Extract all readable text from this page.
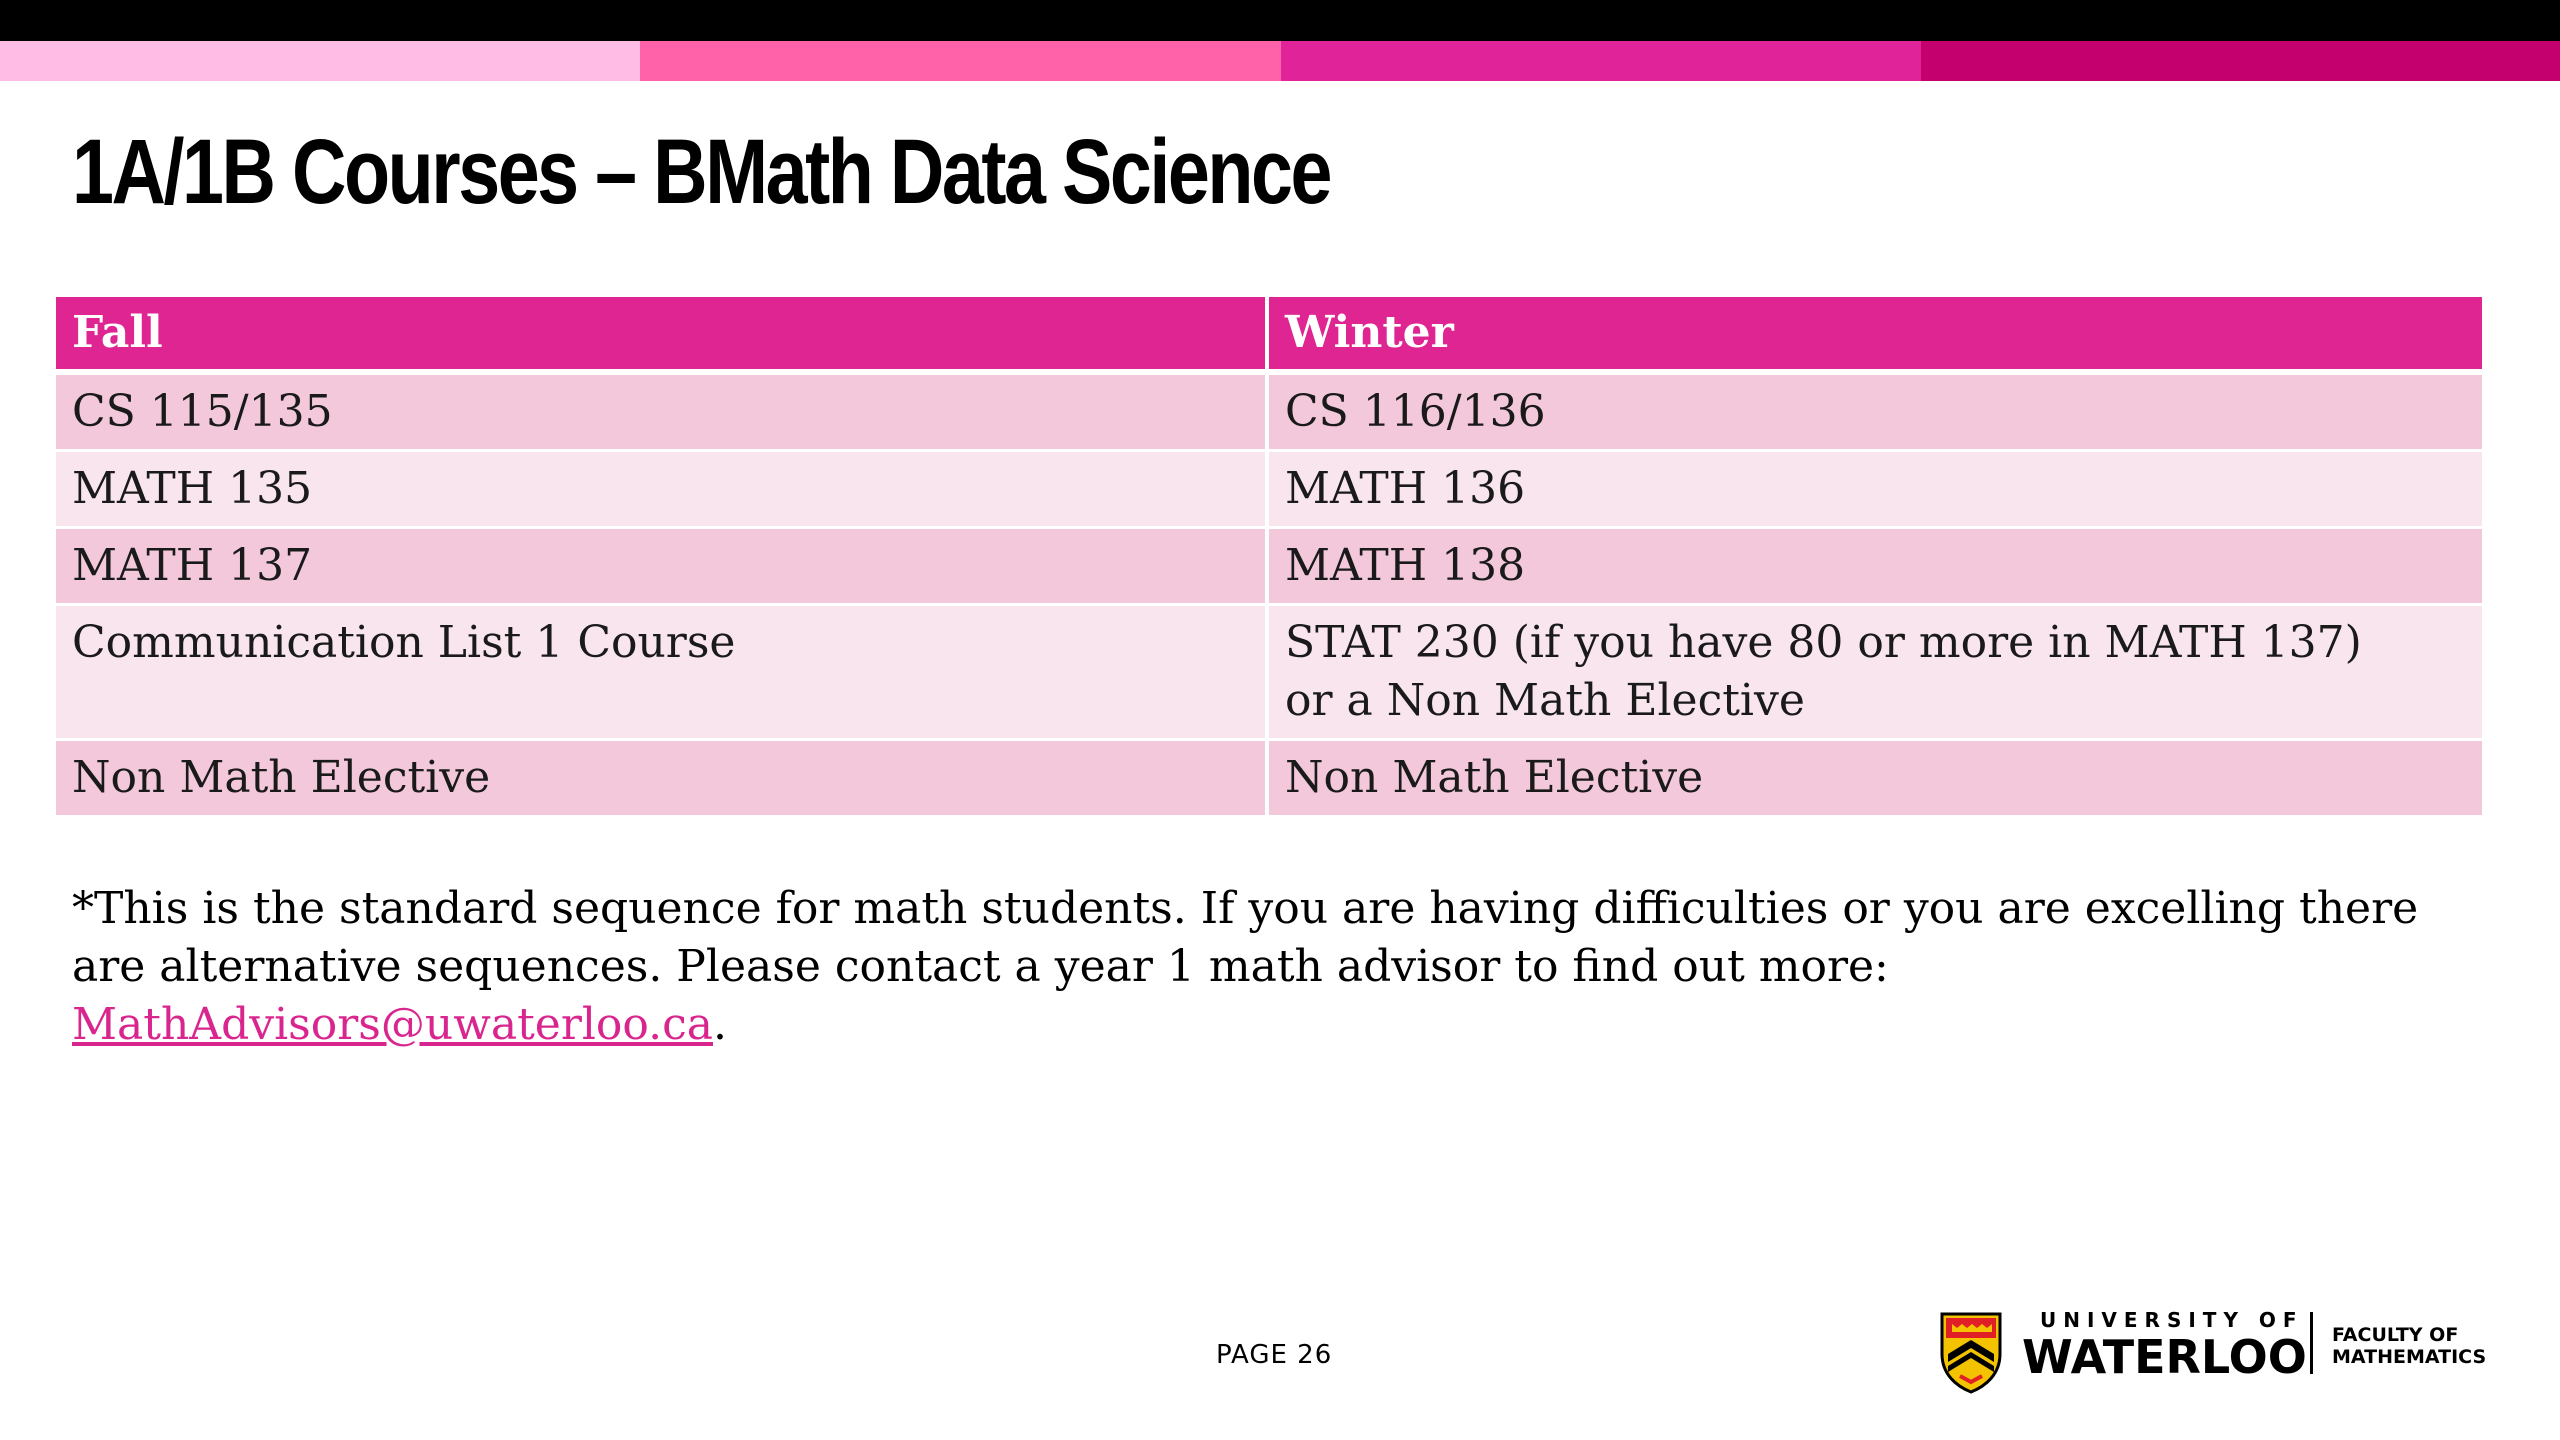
1A/1B Courses – BMath Data Science
Fall	Winter
CS 115/135	CS 116/136
MATH 135	MATH 136
MATH 137	MATH 138
Communication List 1 Course	STAT 230 (if you have 80 or more in MATH 137)
or a Non Math Elective

Non Math Elective	Non Math Elective
*This is the standard sequence for math students. If you are having difficulties or you are excelling there are alternative sequences. Please contact a year 1 math advisor to find out more: MathAdvisors@uwaterloo.ca.
PAGE 26
UNIVERSITY OF
WATERLOO FACULTY OF
MATHEMATICS
